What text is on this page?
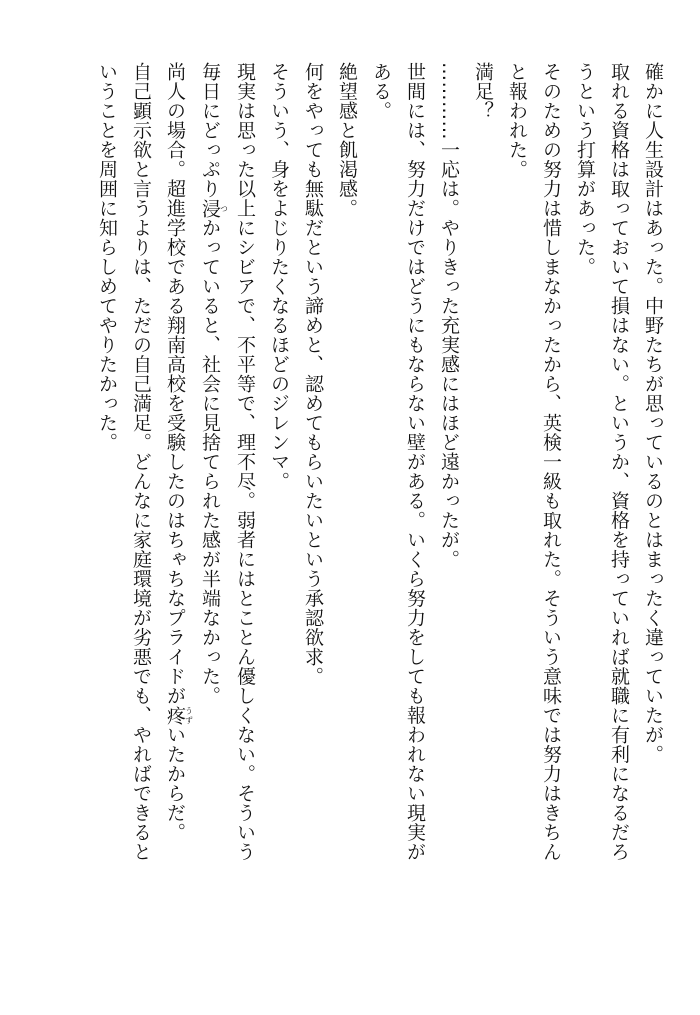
確かに人生設計はあった。中野たちが思っているのとはまったく違っていたが。
取れる資格は取っておいて損はない。というか、資格を持っていれば就職に有利になるだろ
うという打算があった。
そのための努力は惜しまなかったから、英検一級も取れた。そういう意味では努力はきちん
と報われた。
満足？
…………一応は。やりきった充実感にはほど遠かったが。
世間には、努力だけではどうにもならない壁がある。いくら努力をしても報われない現実が
ある。
絶望感と飢渇感。
何をやっても無駄だという諦めと、認めてもらいたいという承認欲求。
そういう、身をよじりたくなるほどのジレンマ。
現実は思った以上にシビアで、不平等で、理不尽。弱者にはとことん優しくない。そういう
毎日にどっぷり浸つかっていると、社会に見捨てられた感が半端なかった。
尚人の場合。超進学校である翔南高校を受験したのはちゃちなプライドが疼うずいたからだ。
自己顕示欲と言うよりは、ただの自己満足。どんなに家庭環境が劣悪でも、やればできると
いうことを周囲に知らしめてやりたかった。
